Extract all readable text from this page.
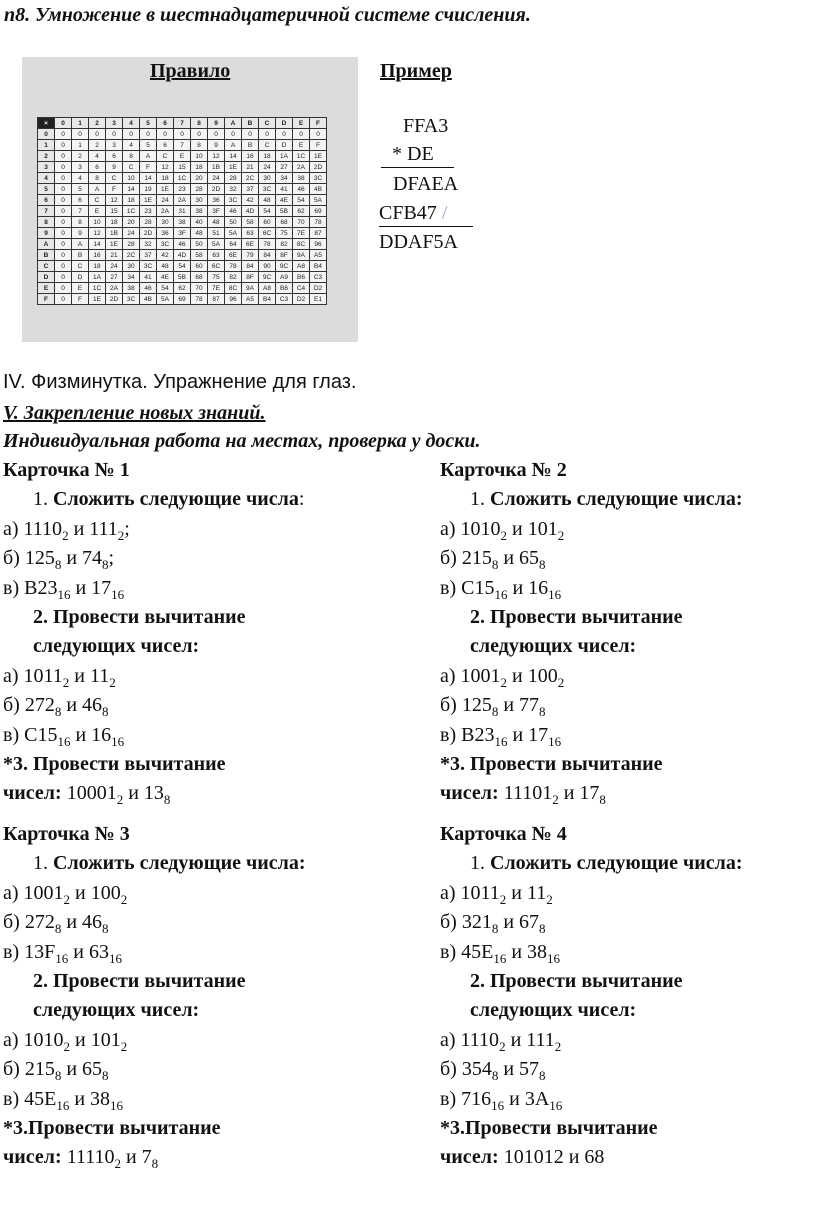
п8. Умножение в шестнадцатеричной системе счисления.
Правило
×	0	1	2	3	4	5	6	7	8	9	A	B	C	D	E	F
0	0	0	0	0	0	0	0	0	0	0	0	0	0	0	0	0
1	0	1	2	3	4	5	6	7	8	9	A	B	C	D	E	F
2	0	2	4	6	8	A	C	E	10	12	14	16	18	1A	1C	1E
3	0	3	6	9	C	F	12	15	18	1B	1E	21	24	27	2A	2D
4	0	4	8	C	10	14	18	1C	20	24	28	2C	30	34	38	3C
5	0	5	A	F	14	19	1E	23	28	2D	32	37	3C	41	46	4B
6	0	6	C	12	18	1E	24	2A	30	36	3C	42	48	4E	54	5A
7	0	7	E	15	1C	23	2A	31	38	3F	46	4D	54	5B	62	69
8	0	8	10	18	20	28	30	38	40	48	50	58	60	68	70	78
9	0	9	12	1B	24	2D	36	3F	48	51	5A	63	6C	75	7E	87
A	0	A	14	1E	28	32	3C	46	50	5A	64	6E	78	82	8C	96
B	0	B	16	21	2C	37	42	4D	58	63	6E	79	84	8F	9A	A5
C	0	C	18	24	30	3C	48	54	60	6C	78	84	90	9C	A8	B4
D	0	D	1A	27	34	41	4E	5B	68	75	82	8F	9C	A9	B6	C3
E	0	E	1C	2A	38	46	54	62	70	7E	8C	9A	A8	B6	C4	D2
F	0	F	1E	2D	3C	4B	5A	69	78	87	96	A5	B4	C3	D2	E1
Пример
FFA3
* DE
DFAEA
CFB47 /
DDAF5A
IV. Физминутка. Упражнение для глаз.
V. Закрепление новых знаний.
Индивидуальная работа на местах, проверка у доски.
Карточка № 1
1. Сложить следующие числа:
а) $1110_2$ и $111_2$;
б) $125_8$ и $74_8$;
в) $B23_{16}$ и $17_{16}$
2. Провести вычитание
следующих чисел:
а) $1011_2$ и $11_2$
б) $272_8$ и $46_8$
в) $C15_{16}$ и $16_{16}$
*3. Провести вычитание
чисел: $10001_2$ и $13_8$
Карточка № 2
1. Сложить следующие числа:
а) $1010_2$ и $101_2$
б) $215_8$ и $65_8$
в) $C15_{16}$ и $16_{16}$
2. Провести вычитание
следующих чисел:
а) $1001_2$ и $100_2$
б) $125_8$ и $77_8$
в) $B23_{16}$ и $17_{16}$
*3. Провести вычитание
чисел: $11101_2$ и $17_8$
Карточка № 3
1. Сложить следующие числа:
а) $1001_2$ и $100_2$
б) $272_8$ и $46_8$
в) $13F_{16}$ и $63_{16}$
2. Провести вычитание
следующих чисел:
а) $1010_2$ и $101_2$
б) $215_8$ и $65_8$
в) $45E_{16}$ и $38_{16}$
*3.Провести вычитание
чисел: $11110_2$ и $7_8$
Карточка № 4
1. Сложить следующие числа:
а) $1011_2$ и $11_2$
б) $321_8$ и $67_8$
в) $45E_{16}$ и $38_{16}$
2. Провести вычитание
следующих чисел:
а) $1110_2$ и $111_2$
б) $354_8$ и $57_8$
в) $716_{16}$ и $3A_{16}$
*3.Провести вычитание
чисел: 101012 и 68
